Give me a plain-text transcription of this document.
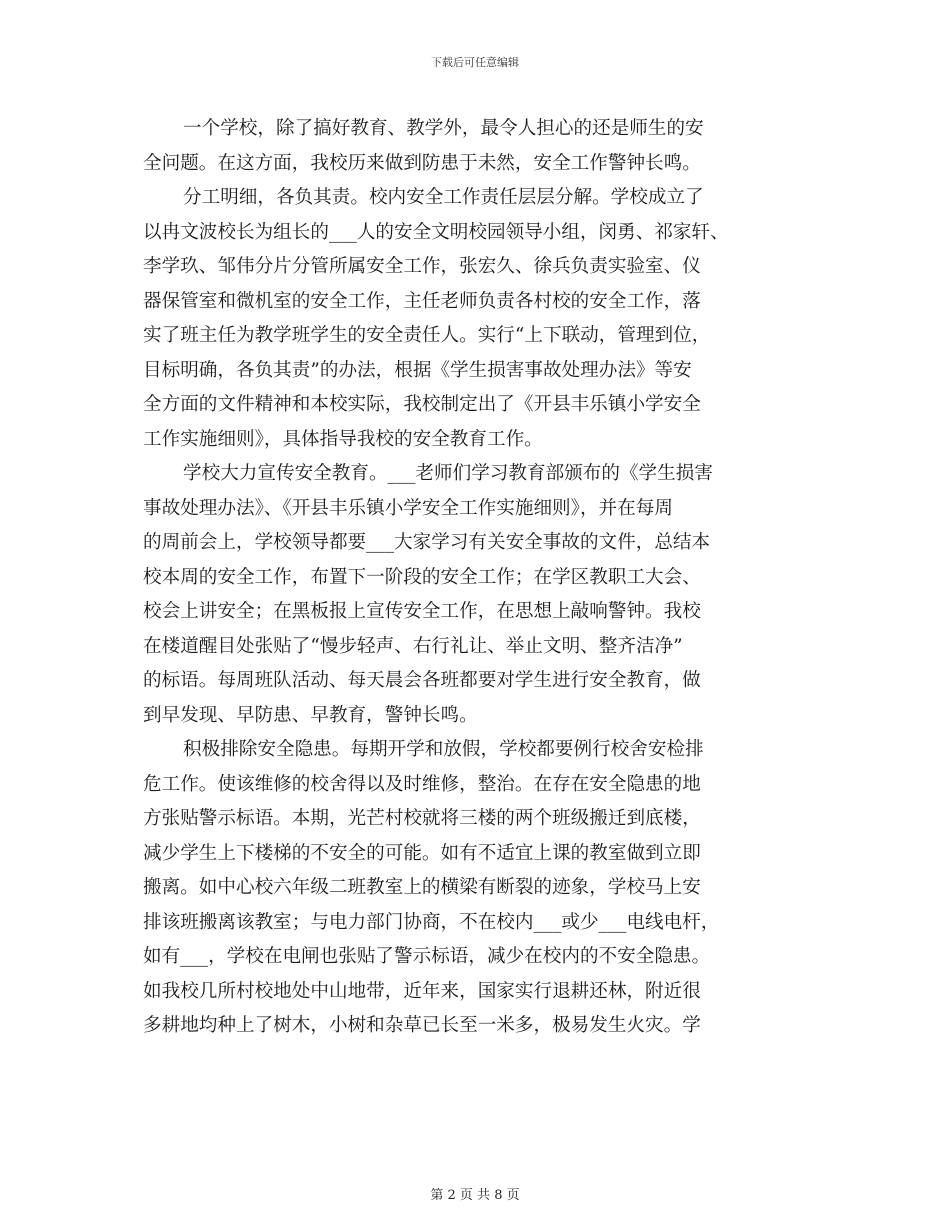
下载后可任意编辑
一个学校，除了搞好教育、教学外，最令人担心的还是师生的安
全问题。在这方面，我校历来做到防患于未然，安全工作警钟长鸣。
分工明细，各负其责。校内安全工作责任层层分解。学校成立了
以冉文波校长为组长的___人的安全文明校园领导小组，闵勇、祁家轩、
李学玖、邹伟分片分管所属安全工作，张宏久、徐兵负责实验室、仪
器保管室和微机室的安全工作，主任老师负责各村校的安全工作，落
实了班主任为教学班学生的安全责任人。实行“上下联动，管理到位，
目标明确，各负其责”的办法，根据《学生损害事故处理办法》等安
全方面的文件精神和本校实际，我校制定出了《开县丰乐镇小学安全
工作实施细则》，具体指导我校的安全教育工作。
学校大力宣传安全教育。___老师们学习教育部颁布的《学生损害
事故处理办法》、《开县丰乐镇小学安全工作实施细则》，并在每周
的周前会上，学校领导都要___大家学习有关安全事故的文件，总结本
校本周的安全工作，布置下一阶段的安全工作；在学区教职工大会、
校会上讲安全；在黑板报上宣传安全工作，在思想上敲响警钟。我校
在楼道醒目处张贴了“慢步轻声、右行礼让、举止文明、整齐洁净”
的标语。每周班队活动、每天晨会各班都要对学生进行安全教育，做
到早发现、早防患、早教育，警钟长鸣。
积极排除安全隐患。每期开学和放假，学校都要例行校舍安检排
危工作。使该维修的校舍得以及时维修，整治。在存在安全隐患的地
方张贴警示标语。本期，光芒村校就将三楼的两个班级搬迁到底楼，
减少学生上下楼梯的不安全的可能。如有不适宜上课的教室做到立即
搬离。如中心校六年级二班教室上的横梁有断裂的迹象，学校马上安
排该班搬离该教室；与电力部门协商，不在校内___或少___电线电杆，
如有___，学校在电闸也张贴了警示标语，减少在校内的不安全隐患。
如我校几所村校地处中山地带，近年来，国家实行退耕还林，附近很
多耕地均种上了树木，小树和杂草已长至一米多，极易发生火灾。学
第 2 页 共 8 页
